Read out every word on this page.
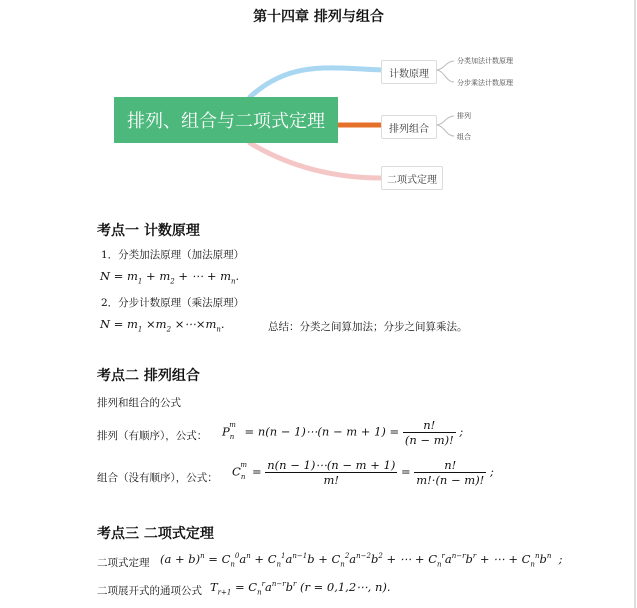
第十四章 排列与组合
排列、组合与二项式定理
计数原理
排列组合
二项式定理
分类加法计数原理
分步乘法计数原理
排列
组合
考点一 计数原理
1．分类加法原理（加法原理）
$N = m_1 + m_2$ + ⋯ + $m_n$.
2．分步计数原理（乘法原理）
$N = m_1 \times m_2$ $\times\cdots\times m_n$.	总结：分类之间算加法；分步之间算乘法。
考点二 排列组合
排列和组合的公式
排列（有顺序），公式： $P_n^m = n(n$ − 1)⋯(n − $m + 1) = \frac{n!}{(n - m)!}$ ;
组合（没有顺序），公式： $C_n^m = \frac{n(n - 1)\cdots(n - m + 1)}{m!} = \frac{n!}{m!\cdot(n - m)!}$ ;
考点三 二项式定理
二项式定理 $(a + b)^n = C_n^0a^n + C_n^1a^{n-1}b + C_n^2a^{n-2}b^2$ + ⋯ + $C_n^ra^{n-r}b^r$ + ⋯ + $C_n^nb^n$  ;
二项展开式的通项公式 $T_{r+1} = C_n^ra^{n-r}b^r$ (r = 0,1,2⋯, n).
